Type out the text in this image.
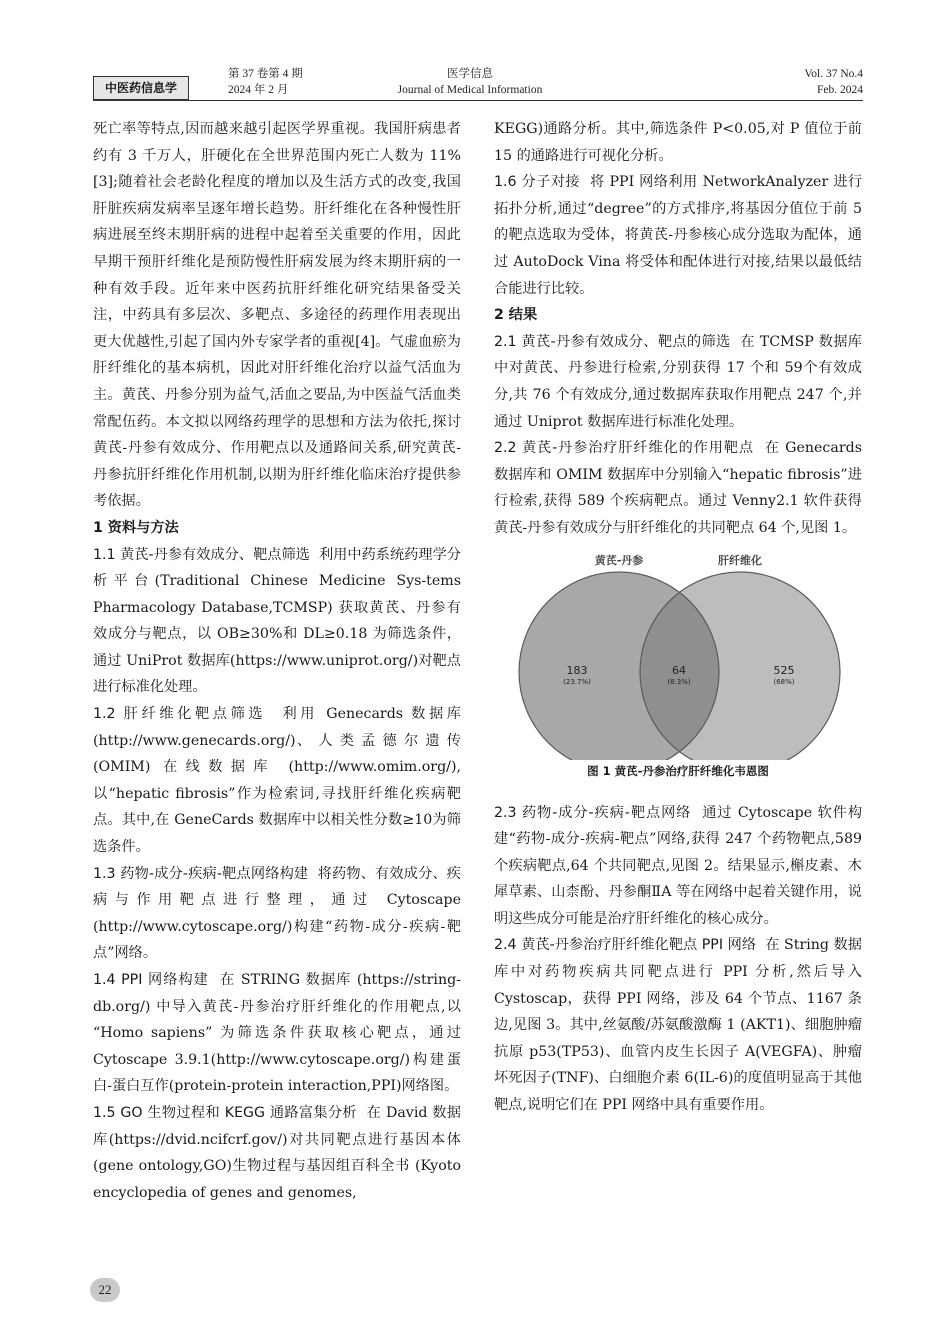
中医药信息学
第 37 卷第 4 期
2024 年 2 月
医学信息
Journal of Medical Information
Vol. 37 No.4
Feb. 2024

死亡率等特点,因而越来越引起医学界重视。我国肝病患者约有 3 千万人，肝硬化在全世界范围内死亡人数为 11%[3];随着社会老龄化程度的增加以及生活方式的改变,我国肝脏疾病发病率呈逐年增长趋势。肝纤维化在各种慢性肝病进展至终末期肝病的进程中起着至关重要的作用，因此早期干预肝纤维化是预防慢性肝病发展为终末期肝病的一种有效手段。近年来中医药抗肝纤维化研究结果备受关注，中药具有多层次、多靶点、多途径的药理作用表现出更大优越性,引起了国内外专家学者的重视[4]。气虚血瘀为肝纤维化的基本病机，因此对肝纤维化治疗以益气活血为主。黄芪、丹参分别为益气,活血之要品,为中医益气活血类常配伍药。本文拟以网络药理学的思想和方法为依托,探讨黄芪-丹参有效成分、作用靶点以及通路间关系,研究黄芪-丹参抗肝纤维化作用机制,以期为肝纤维化临床治疗提供参考依据。

1 资料与方法

1.1 黄芪-丹参有效成分、靶点筛选 利用中药系统药理学分析平台(Traditional Chinese Medicine Sys-tems Pharmacology Database,TCMSP) 获取黄芪、丹参有效成分与靶点，以 OB≥30%和 DL≥0.18 为筛选条件，通过 UniProt 数据库(https://www.uniprot.org/)对靶点进行标准化处理。

1.2 肝纤维化靶点筛选 利用 Genecards 数据库(http://www.genecards.org/)、 人 类 孟 德 尔 遗 传(OMIM) 在线数据库 (http://www.omim.org/),以“hepatic fibrosis”作为检索词,寻找肝纤维化疾病靶点。其中,在 GeneCards 数据库中以相关性分数≥10为筛选条件。

1.3 药物-成分-疾病-靶点网络构建 将药物、有效成分、疾病与作用靶点进行整理，通过 Cytoscape (http://www.cytoscape.org/)构建“药物-成分-疾病-靶点”网络。

1.4 PPI 网络构建 在 STRING 数据库 (https://string-db.org/) 中导入黄芪-丹参治疗肝纤维化的作用靶点,以 “Homo sapiens” 为筛选条件获取核心靶点，通过 Cytoscape 3.9.1(http://www.cytoscape.org/)构建蛋白-蛋白互作(protein-protein interaction,PPI)网络图。

1.5 GO 生物过程和 KEGG 通路富集分析 在 David 数据库(https://dvid.ncifcrf.gov/)对共同靶点进行基因本体(gene ontology,GO)生物过程与基因组百科全书 (Kyoto encyclopedia of genes and genomes,

KEGG)通路分析。其中,筛选条件 P<0.05,对 P 值位于前 15 的通路进行可视化分析。

1.6 分子对接 将 PPI 网络利用 NetworkAnalyzer 进行拓扑分析,通过“degree”的方式排序,将基因分值位于前 5 的靶点选取为受体，将黄芪-丹参核心成分选取为配体，通过 AutoDock Vina 将受体和配体进行对接,结果以最低结合能进行比较。

2 结果

2.1 黄芪-丹参有效成分、靶点的筛选 在 TCMSP 数据库中对黄芪、丹参进行检索,分别获得 17 个和 59个有效成分,共 76 个有效成分,通过数据库获取作用靶点 247 个,并通过 Uniprot 数据库进行标准化处理。

2.2 黄芪-丹参治疗肝纤维化的作用靶点 在 Genecards 数据库和 OMIM 数据库中分别输入“hepatic fibrosis”进行检索,获得 589 个疾病靶点。通过 Venny2.1 软件获得黄芪-丹参有效成分与肝纤维化的共同靶点 64 个,见图 1。

黄芪-丹参	肝纤维化
183
(23.7%)
64
(8.3%)
525
(68%)
图 1 黄芪-丹参治疗肝纤维化韦恩图

2.3 药物-成分-疾病-靶点网络 通过 Cytoscape 软件构建“药物-成分-疾病-靶点”网络,获得 247 个药物靶点,589 个疾病靶点,64 个共同靶点,见图 2。结果显示,槲皮素、木犀草素、山柰酚、丹参酮ⅡA 等在网络中起着关键作用，说明这些成分可能是治疗肝纤维化的核心成分。

2.4 黄芪-丹参治疗肝纤维化靶点 PPI 网络 在 String 数据库中对药物疾病共同靶点进行 PPI 分析,然后导入 Cystoscap，获得 PPI 网络，涉及 64 个节点、1167 条边,见图 3。其中,丝氨酸/苏氨酸激酶 1 (AKT1)、细胞肿瘤抗原 p53(TP53)、血管内皮生长因子 A(VEGFA)、肿瘤坏死因子(TNF)、白细胞介素 6(IL-6)的度值明显高于其他靶点,说明它们在 PPI 网络中具有重要作用。

22
